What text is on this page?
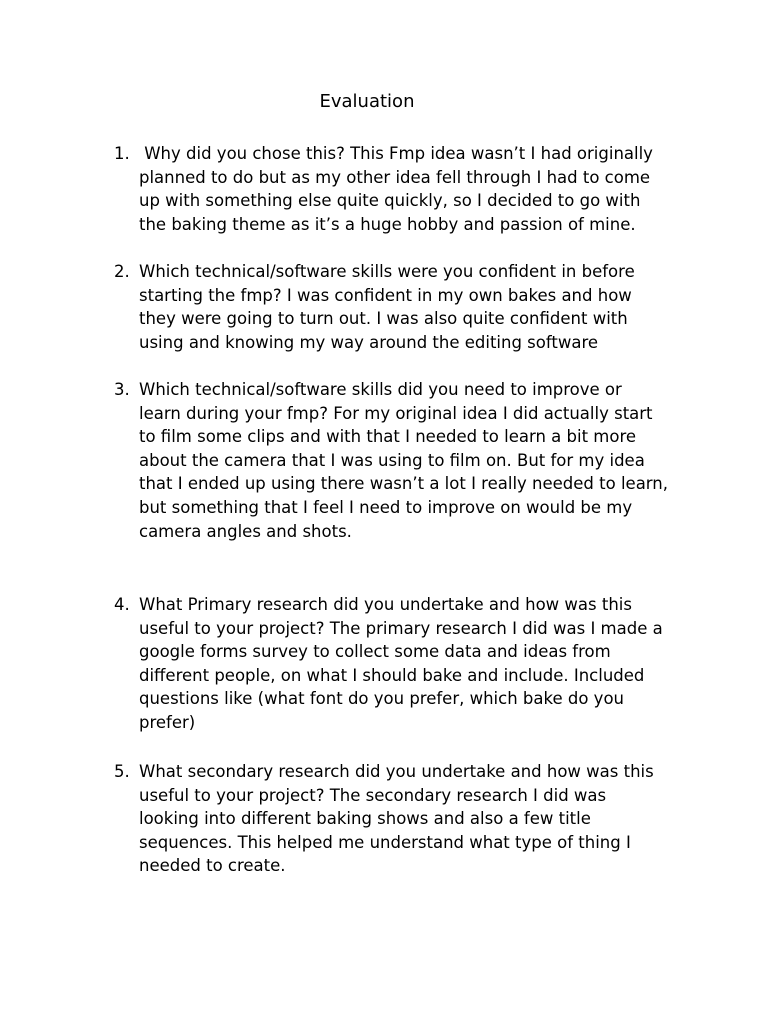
Evaluation
1. Why did you chose this? This Fmp idea wasn’t I had originally
planned to do but as my other idea fell through I had to come
up with something else quite quickly, so I decided to go with
the baking theme as it’s a huge hobby and passion of mine.
2. Which technical/software skills were you confident in before
starting the fmp? I was confident in my own bakes and how
they were going to turn out. I was also quite confident with
using and knowing my way around the editing software
3. Which technical/software skills did you need to improve or
learn during your fmp? For my original idea I did actually start
to film some clips and with that I needed to learn a bit more
about the camera that I was using to film on. But for my idea
that I ended up using there wasn’t a lot I really needed to learn,
but something that I feel I need to improve on would be my
camera angles and shots.
4. What Primary research did you undertake and how was this
useful to your project? The primary research I did was I made a
google forms survey to collect some data and ideas from
different people, on what I should bake and include. Included
questions like (what font do you prefer, which bake do you
prefer)
5. What secondary research did you undertake and how was this
useful to your project? The secondary research I did was
looking into different baking shows and also a few title
sequences. This helped me understand what type of thing I
needed to create.
